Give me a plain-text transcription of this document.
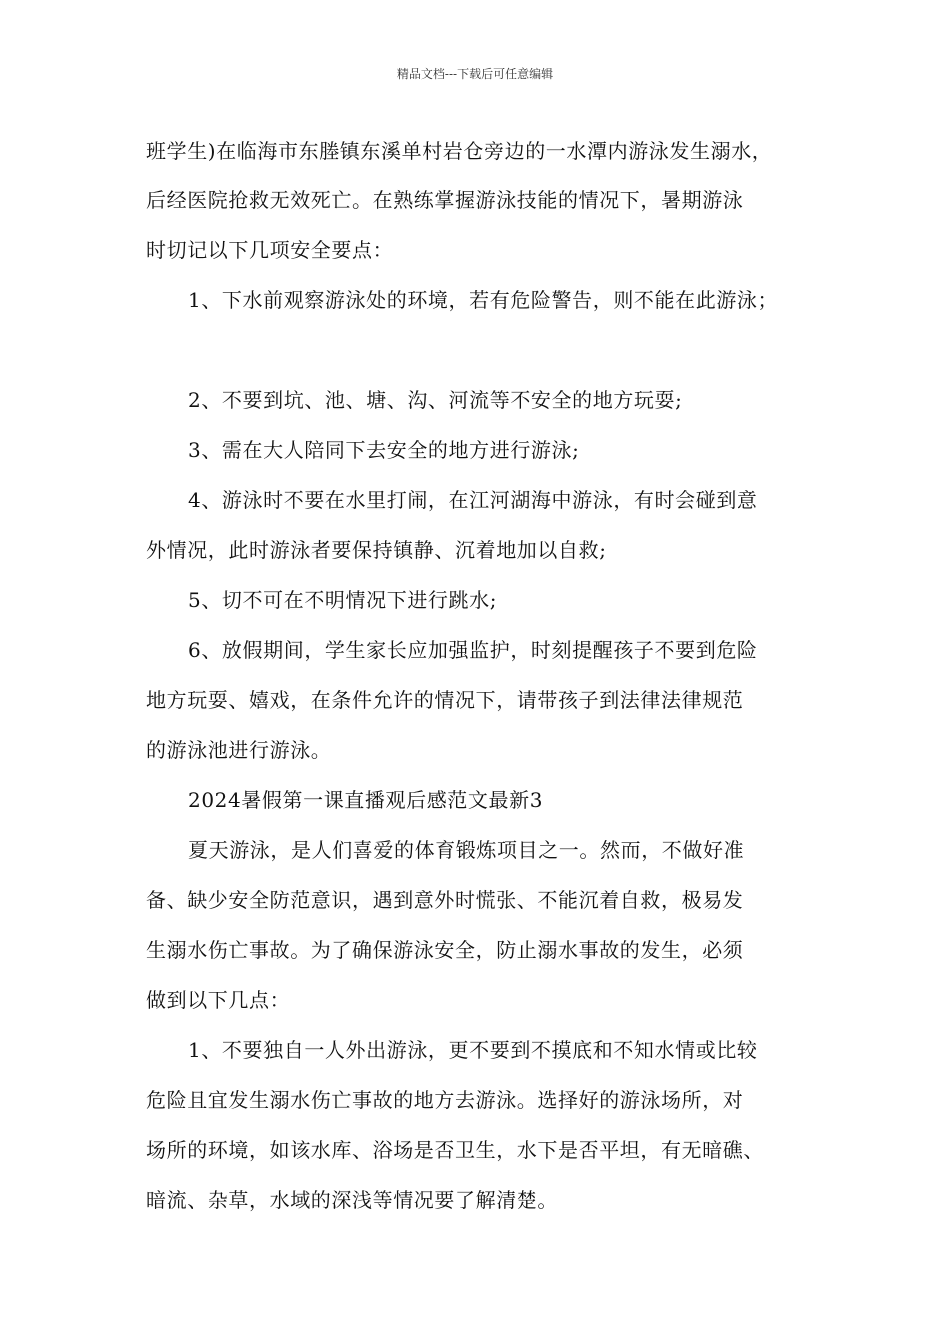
精品文档---下载后可任意编辑
班学生)在临海市东塍镇东溪单村岩仓旁边的一水潭内游泳发生溺水，
后经医院抢救无效死亡。在熟练掌握游泳技能的情况下，暑期游泳
时切记以下几项安全要点：
1、下水前观察游泳处的环境，若有危险警告，则不能在此游泳；
2、不要到坑、池、塘、沟、河流等不安全的地方玩耍;
3、需在大人陪同下去安全的地方进行游泳;
4、游泳时不要在水里打闹，在江河湖海中游泳，有时会碰到意
外情况，此时游泳者要保持镇静、沉着地加以自救;
5、切不可在不明情况下进行跳水;
6、放假期间，学生家长应加强监护，时刻提醒孩子不要到危险
地方玩耍、嬉戏，在条件允许的情况下，请带孩子到法律法律规范
的游泳池进行游泳。
2024暑假第一课直播观后感范文最新3
夏天游泳，是人们喜爱的体育锻炼项目之一。然而，不做好准
备、缺少安全防范意识，遇到意外时慌张、不能沉着自救，极易发
生溺水伤亡事故。为了确保游泳安全，防止溺水事故的发生，必须
做到以下几点：
1、不要独自一人外出游泳，更不要到不摸底和不知水情或比较
危险且宜发生溺水伤亡事故的地方去游泳。选择好的游泳场所，对
场所的环境，如该水库、浴场是否卫生，水下是否平坦，有无暗礁、
暗流、杂草，水域的深浅等情况要了解清楚。
